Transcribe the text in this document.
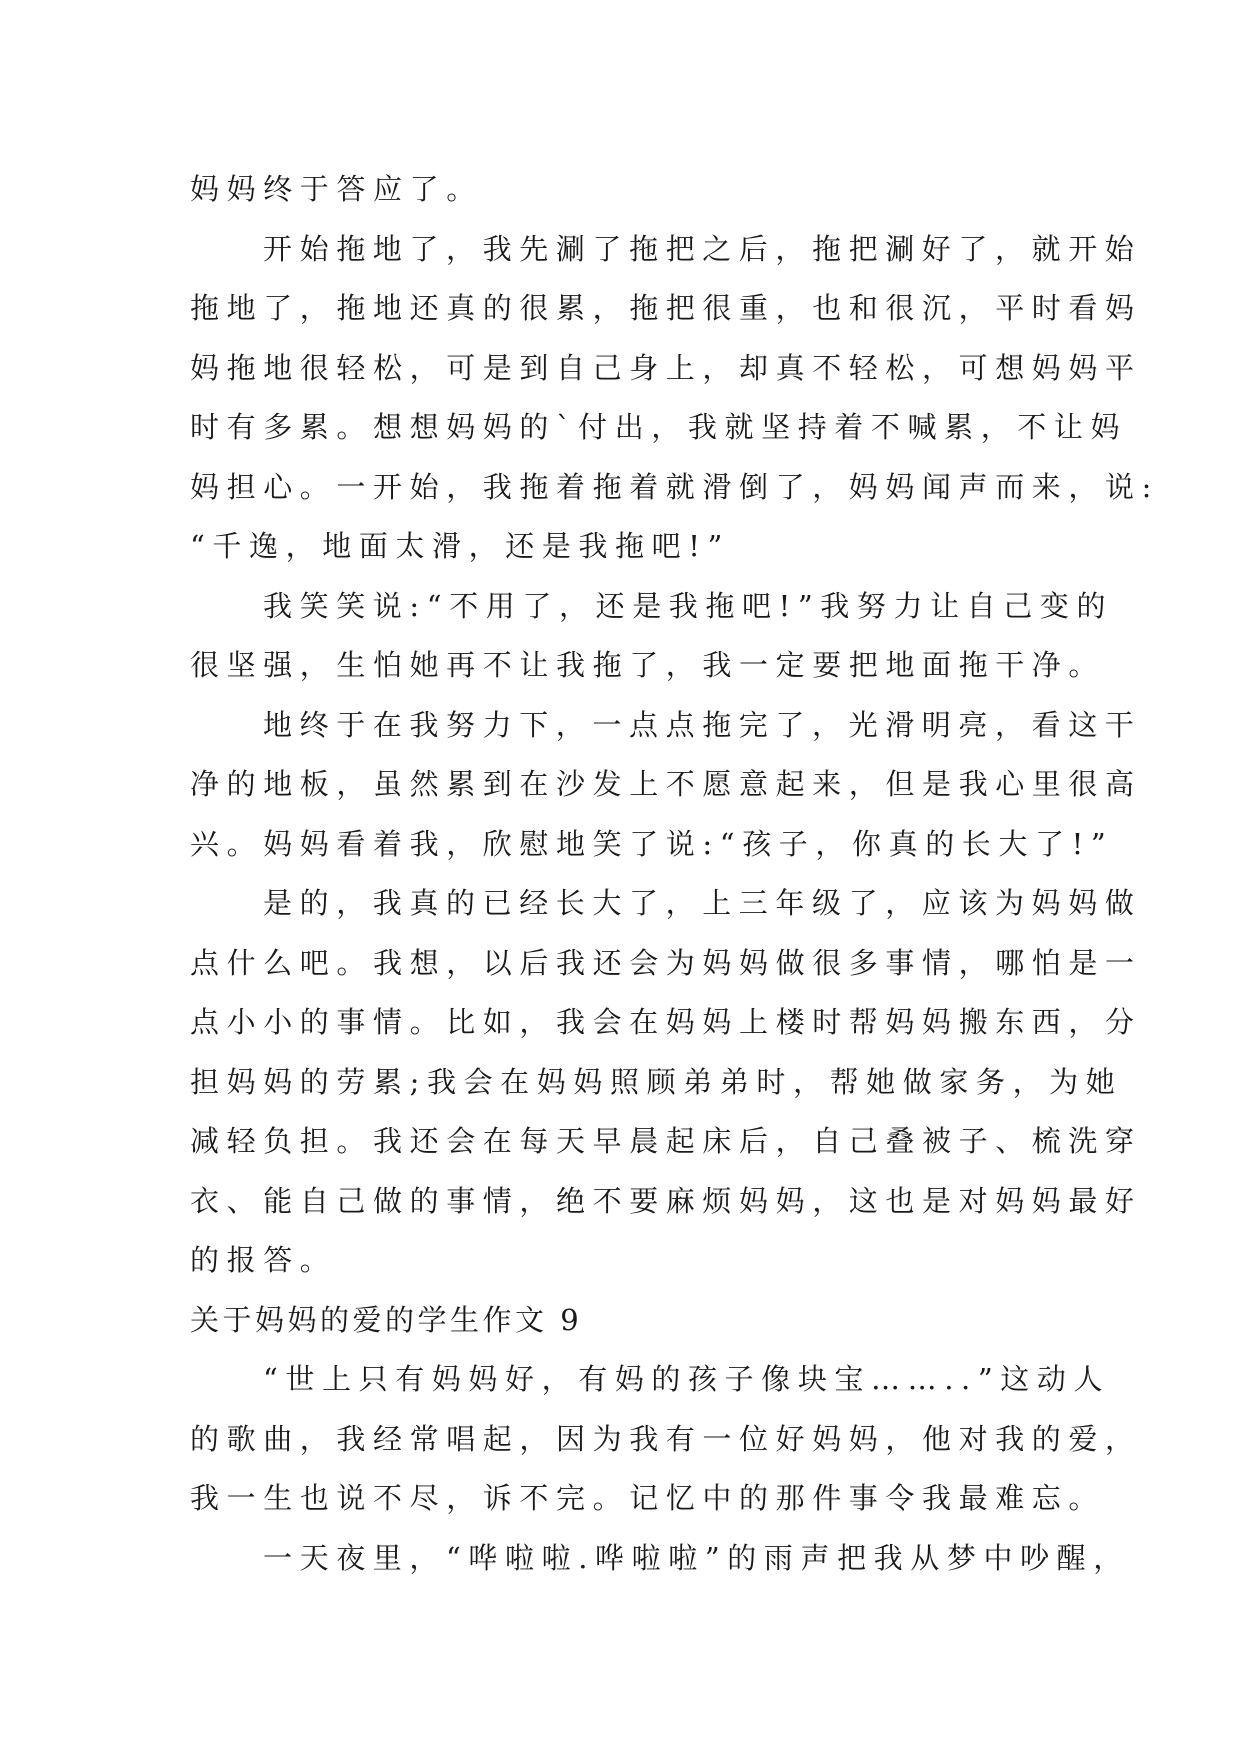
妈妈终于答应了。
开始拖地了，我先涮了拖把之后，拖把涮好了，就开始
拖地了，拖地还真的很累，拖把很重，也和很沉，平时看妈
妈拖地很轻松，可是到自己身上，却真不轻松，可想妈妈平
时有多累。想想妈妈的`付出，我就坚持着不喊累，不让妈
妈担心。一开始，我拖着拖着就滑倒了，妈妈闻声而来，说:
“千逸，地面太滑，还是我拖吧!”
我笑笑说:“不用了，还是我拖吧!”我努力让自己变的
很坚强，生怕她再不让我拖了，我一定要把地面拖干净。
地终于在我努力下，一点点拖完了，光滑明亮，看这干
净的地板，虽然累到在沙发上不愿意起来，但是我心里很高
兴。妈妈看着我，欣慰地笑了说:“孩子，你真的长大了!”
是的，我真的已经长大了，上三年级了，应该为妈妈做
点什么吧。我想，以后我还会为妈妈做很多事情，哪怕是一
点小小的事情。比如，我会在妈妈上楼时帮妈妈搬东西，分
担妈妈的劳累;我会在妈妈照顾弟弟时，帮她做家务，为她
减轻负担。我还会在每天早晨起床后，自己叠被子、梳洗穿
衣、能自己做的事情，绝不要麻烦妈妈，这也是对妈妈最好
的报答。
关于妈妈的爱的学生作文 9
“世上只有妈妈好，有妈的孩子像块宝……..”这动人
的歌曲，我经常唱起，因为我有一位好妈妈，他对我的爱，
我一生也说不尽，诉不完。记忆中的那件事令我最难忘。
一天夜里，“哗啦啦.哗啦啦”的雨声把我从梦中吵醒，
